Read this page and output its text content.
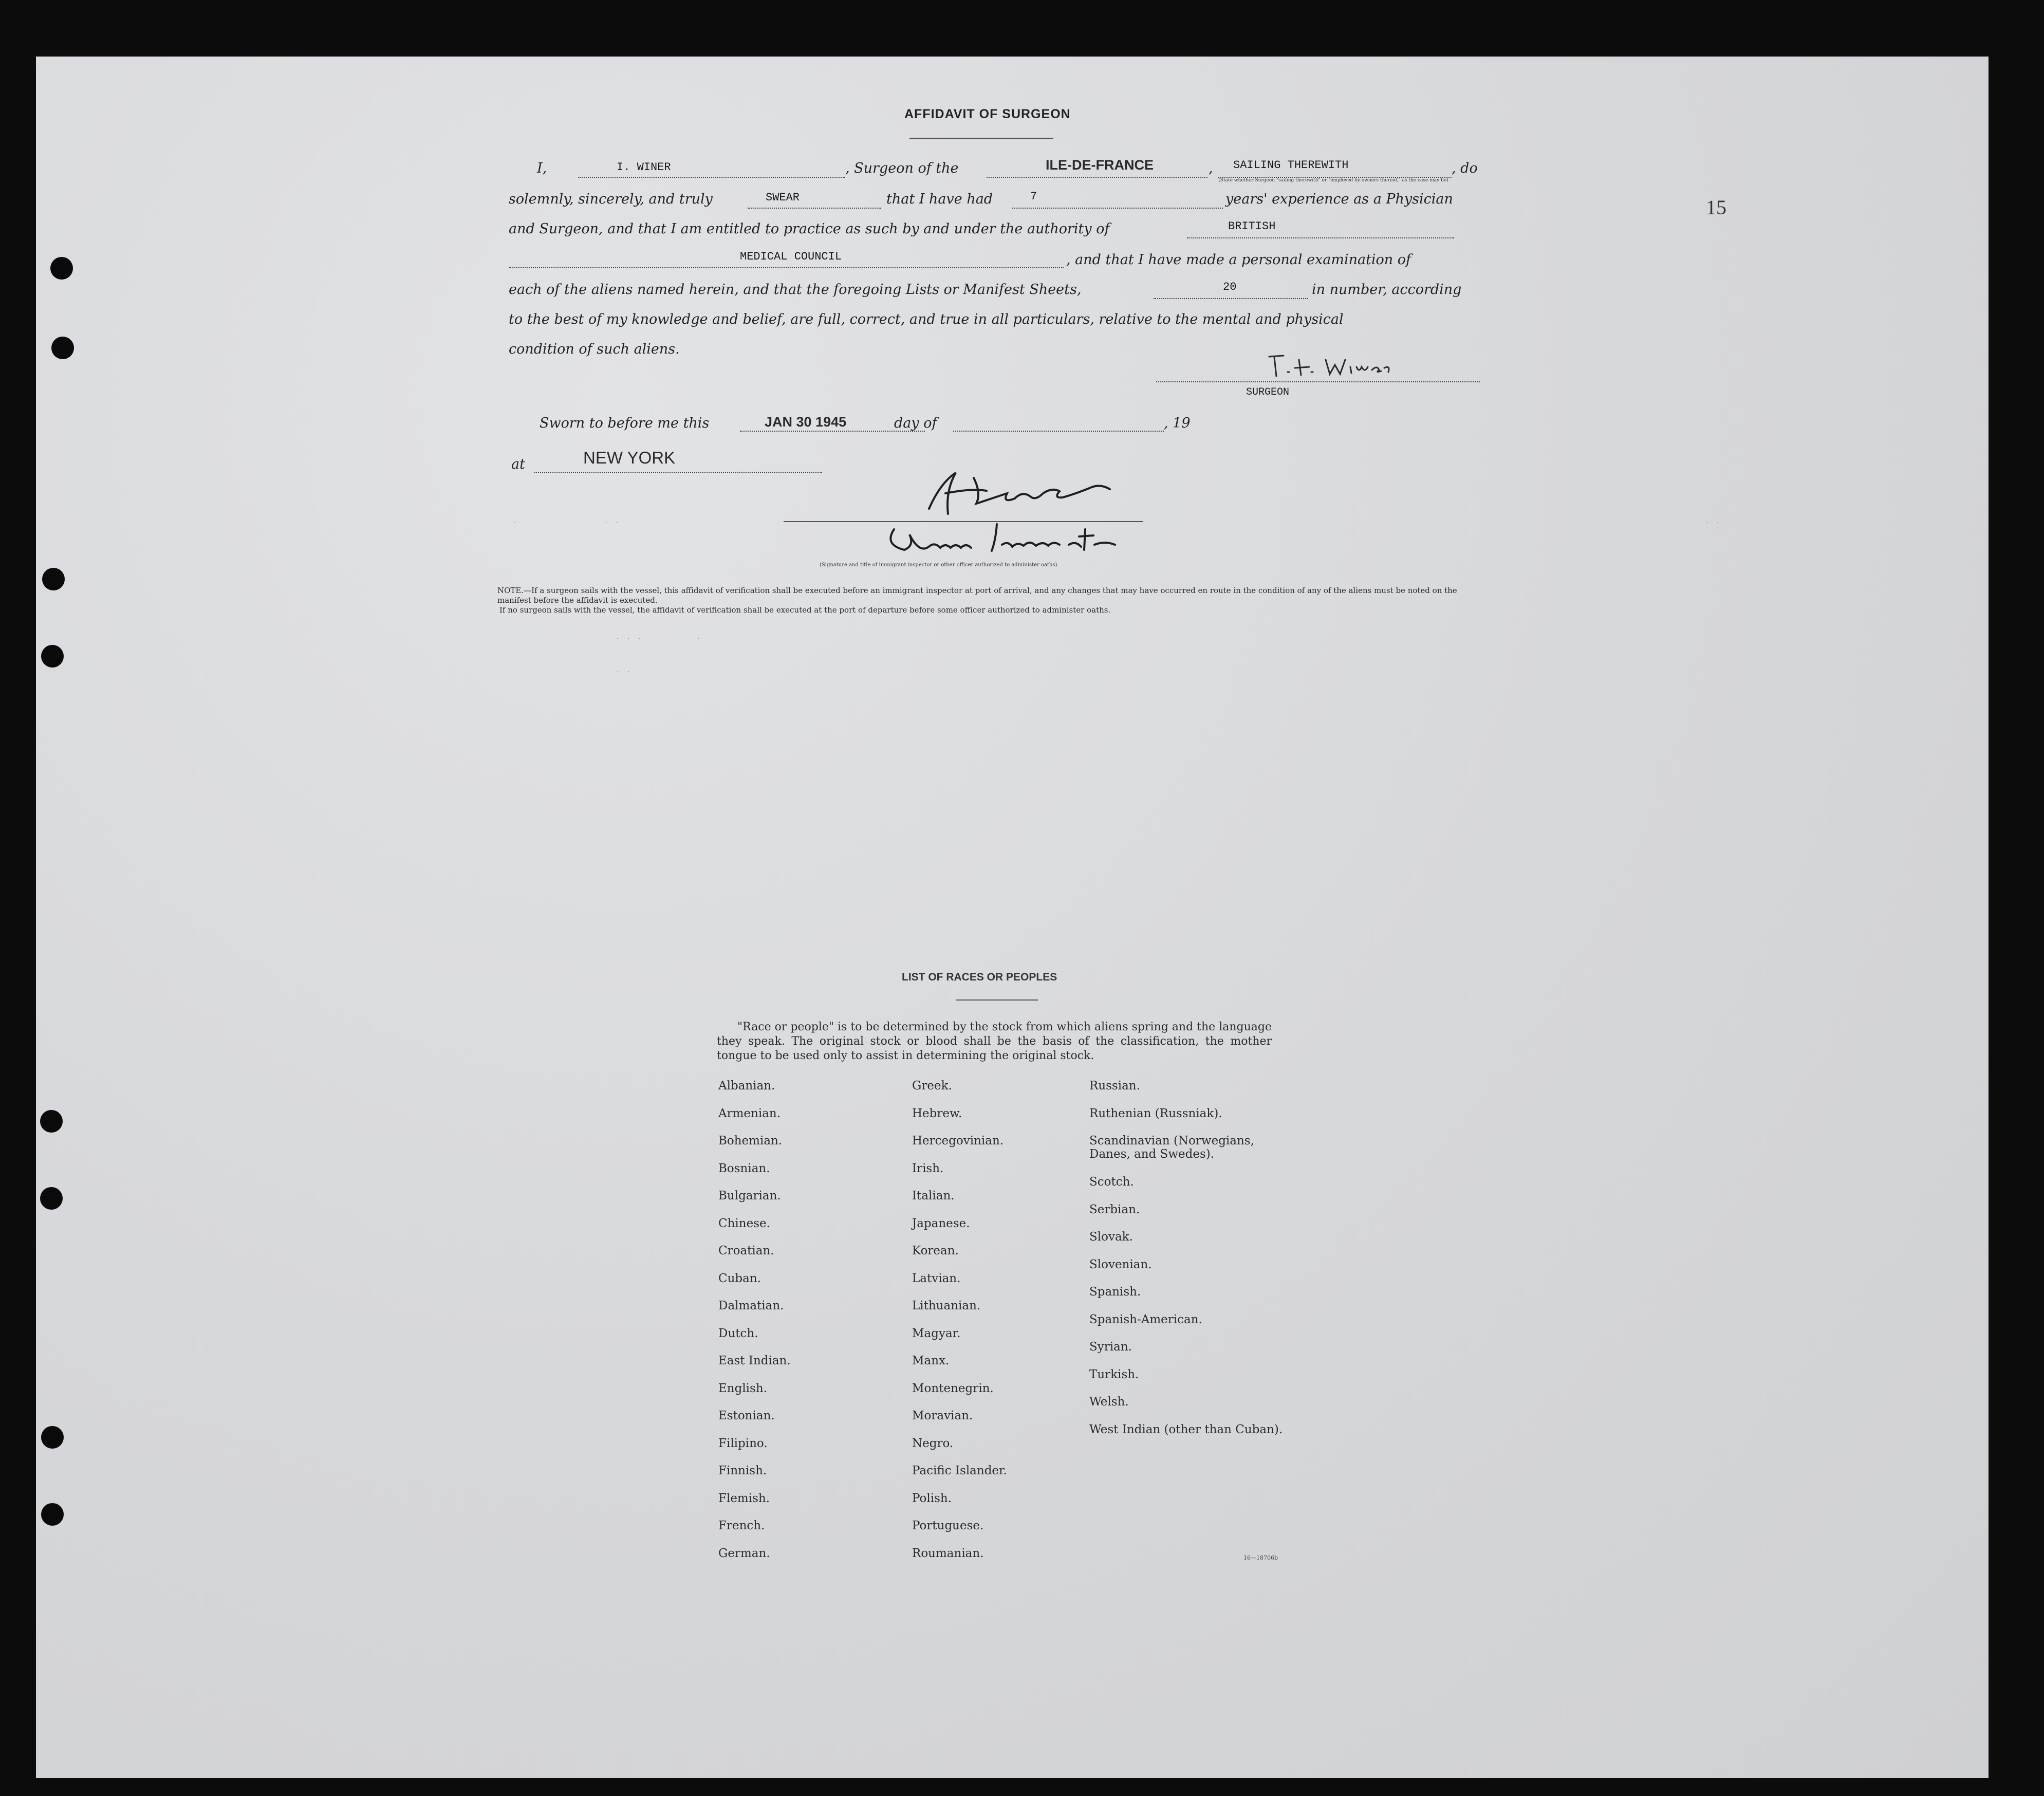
15
·                · ·	· ·
· · ·          ·
· ·
AFFIDAVIT OF SURGEON
I,	I. WINER	, Surgeon of the	ILE-DE-FRANCE	, SAILING THEREWITH
(State whether Surgeon "sailing therewith" or "employed by owners thereof," as the case may be)
, do
solemnly, sincerely, and truly	SWEAR	that I have had	7	years' experience as a Physician
and Surgeon, and that I am entitled to practice as such by and under the authority of	BRITISH
MEDICAL COUNCIL	, and that I have made a personal examination of
each of the aliens named herein, and that the foregoing Lists or Manifest Sheets,	20	in number, according
to the best of my knowledge and belief, are full, correct, and true in all particulars, relative to the mental and physical
condition of such aliens.
SURGEON
Sworn to before me this	JAN 30 1945	day of	, 19
at	NEW YORK
(Signature and title of immigrant inspector or other officer authorized to administer oaths)
NOTE.—If a surgeon sails with the vessel, this affidavit of verification shall be executed before an immigrant inspector at port of arrival, and any changes that may have occurred en route in the condition of any of the aliens must be noted on the manifest before the affidavit is executed.
If no surgeon sails with the vessel, the affidavit of verification shall be executed at the port of departure before some officer authorized to administer oaths.
LIST OF RACES OR PEOPLES
"Race or people" is to be determined by the stock from which aliens spring and the language they speak. The original stock or blood shall be the basis of the classification, the mother tongue to be used only to assist in determining the original stock.
Albanian.
Armenian.
Bohemian.
Bosnian.
Bulgarian.
Chinese.
Croatian.
Cuban.
Dalmatian.
Dutch.
East Indian.
English.
Estonian.
Filipino.
Finnish.
Flemish.
French.
German.
Greek.
Hebrew.
Hercegovinian.
Irish.
Italian.
Japanese.
Korean.
Latvian.
Lithuanian.
Magyar.
Manx.
Montenegrin.
Moravian.
Negro.
Pacific Islander.
Polish.
Portuguese.
Roumanian.
Russian.
Ruthenian (Russniak).
Scandinavian (Norwegians, Danes, and Swedes).
Scotch.
Serbian.
Slovak.
Slovenian.
Spanish.
Spanish-American.
Syrian.
Turkish.
Welsh.
West Indian (other than Cuban).
16—18706b
